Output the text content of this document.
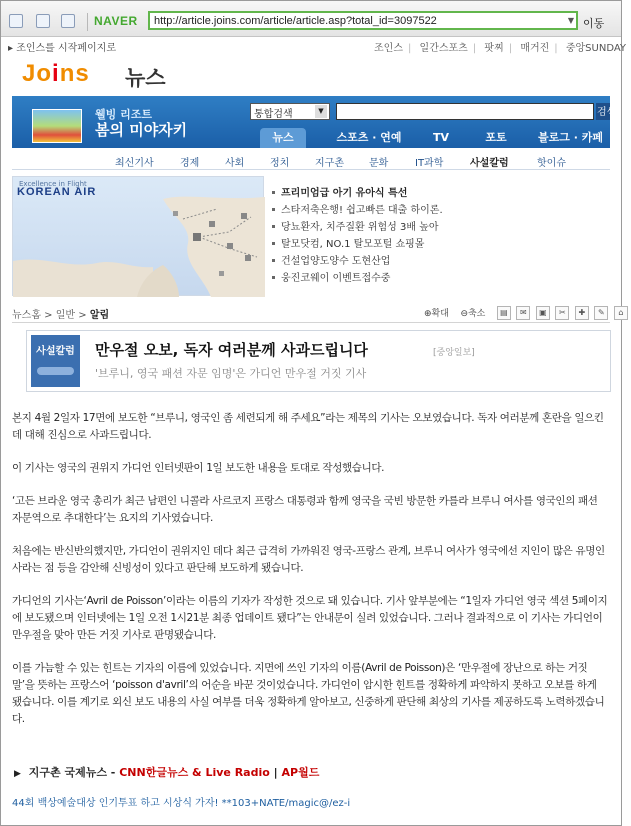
NAVER http://article.joins.com/article/article.asp?total_id=3097522	▼ 이동
▸ 조인스를 시작페이지로	조인스 | 일간스포츠 | 팟찌 | 매거진 | 중앙SUNDAY
Joins 뉴스
웰빙 리조트
봄의 미야자키
통합검색	▼	검색
뉴스	스포츠 · 연예	TV	포토	블로그 · 카페
최신기사	경제	사회	정치	지구촌	문화	IT과학	사설칼럼	핫이슈
Excellence in Flight
KOREAN AIR	프리미엄급 아기 유아식 특선
스타저축은행! 쉽고빠른 대출 하이론.
당뇨환자, 치주질환 위험성 3배 높아
탈모닷컴, NO.1 탈모포털 쇼핑몰
건설업양도양수 도현산업
웅진코웨이 이벤트접수중
뉴스홈 > 일반 > 알림	⊕확대 ⊖축소 ▤ ✉ ▣ ✂ ✚ ✎ ⌂
사설칼럼	만우절 오보, 독자 여러분께 사과드립니다	[중앙일보]
'브루니, 영국 패션 자문 임명'은 가디언 만우절 거짓 기사

본지 4월 2일자 17면에 보도한 “브루니, 영국인 좀 세련되게 해 주세요”라는 제목의 기사는 오보였습니다. 독자 여러분께 혼란을 일으킨 데 대해 진심으로 사과드립니다.

이 기사는 영국의 권위지 가디언 인터넷판이 1일 보도한 내용을 토대로 작성했습니다.

‘고든 브라운 영국 총리가 최근 남편인 니콜라 사르코지 프랑스 대통령과 함께 영국을 국빈 방문한 카를라 브루니 여사를 영국인의 패션 자문역으로 추대한다’는 요지의 기사였습니다.

처음에는 반신반의했지만, 가디언이 권위지인 데다 최근 급격히 가까워진 영국-프랑스 관계, 브루니 여사가 영국에선 지인이 많은 유명인사라는 점 등을 감안해 신빙성이 있다고 판단해 보도하게 됐습니다.

가디언의 기사는‘Avril de Poisson’이라는 이름의 기자가 작성한 것으로 돼 있습니다. 기사 앞부분에는 “1일자 가디언 영국 섹션 5페이지에 보도됐으며 인터넷에는 1일 오전 1시21분 최종 업데이트 됐다”는 안내문이 실려 있었습니다. 그러나 결과적으로 이 기사는 가디언이 만우절을 맞아 만든 거짓 기사로 판명됐습니다.

이를 가늠할 수 있는 힌트는 기자의 이름에 있었습니다. 지면에 쓰인 기자의 이름(Avril de Poisson)은 ‘만우절에 장난으로 하는 거짓말’을 뜻하는 프랑스어 ‘poisson d'avril’의 어순을 바꾼 것이었습니다. 가디언이 암시한 힌트를 정확하게 파악하지 못하고 오보를 하게 됐습니다. 이를 계기로 외신 보도 내용의 사실 여부를 더욱 정확하게 알아보고, 신중하게 판단해 최상의 기사를 제공하도록 노력하겠습니다.

▶ 지구촌 국제뉴스 - CNN한글뉴스 & Live Radio | AP월드
44회 백상예술대상 인기투표 하고 시상식 가자! **103+NATE/magic@/ez-i
